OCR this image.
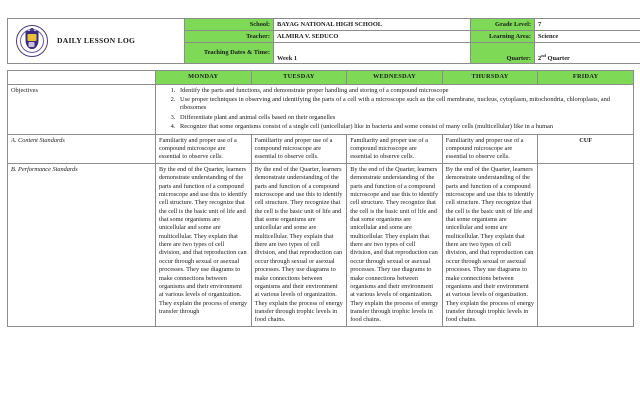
DAILY LESSON LOG	School:	BAYAG NATIONAL HIGH SCHOOL	Grade Level:	7
	Teacher:	ALMIRA V. SEDUCO	Learning Area:	Science
	Teaching Dates & Time:	Week 1	Quarter:	2nd Quarter
	MONDAY	TUESDAY	WEDNESDAY	THURSDAY	FRIDAY
Objectives	
1.Identify the parts and functions, and demonstrate proper handling and storing of a compound microscope
2. Use proper techniques in observing and identifying the parts of a cell with a microscope such as the cell membrane, nucleus, cytoplasm, mitochondria, chloroplasts, and ribosomes
3. Differentiate plant and animal cells based on their organelles
4. Recognize that some organisms consist of a single cell (unicellular) like in bacteria and some consist of many cells (multicellular) like in a human

A. Content Standards	Familiarity and proper use of a compound microscope are essential to observe cells.	Familiarity and proper use of a compound microscope are essential to observe cells.	Familiarity and proper use of a compound microscope are essential to observe cells.	Familiarity and proper use of a compound microscope are essential to observe cells.	CUF
B. Performance Standards	By the end of the Quarter, learners demonstrate understanding of the parts and function of a compound microscope and use this to identify cell structure. They recognize that the cell is the basic unit of life and that some organisms are unicellular and some are multicellular. They explain that there are two types of cell division, and that reproduction can occur through sexual or asexual processes. They use diagrams to make connections between organisms and their environment at various levels of organization. They explain the process of energy transfer through	By the end of the Quarter, learners demonstrate understanding of the parts and function of a compound microscope and use this to identify cell structure. They recognize that the cell is the basic unit of life and that some organisms are unicellular and some are multicellular. They explain that there are two types of cell division, and that reproduction can occur through sexual or asexual processes. They use diagrams to make connections between organisms and their environment at various levels of organization. They explain the process of energy transfer through trophic levels in food chains.	By the end of the Quarter, learners demonstrate understanding of the parts and function of a compound microscope and use this to identify cell structure. They recognize that the cell is the basic unit of life and that some organisms are unicellular and some are multicellular. They explain that there are two types of cell division, and that reproduction can occur through sexual or asexual processes. They use diagrams to make connections between organisms and their environment at various levels of organization. They explain the process of energy transfer through trophic levels in food chains.	By the end of the Quarter, learners demonstrate understanding of the parts and function of a compound microscope and use this to identify cell structure. They recognize that the cell is the basic unit of life and that some organisms are unicellular and some are multicellular. They explain that there are two types of cell division, and that reproduction can occur through sexual or asexual processes. They use diagrams to make connections between organisms and their environment at various levels of organization. They explain the process of energy transfer through trophic levels in food chains.	
